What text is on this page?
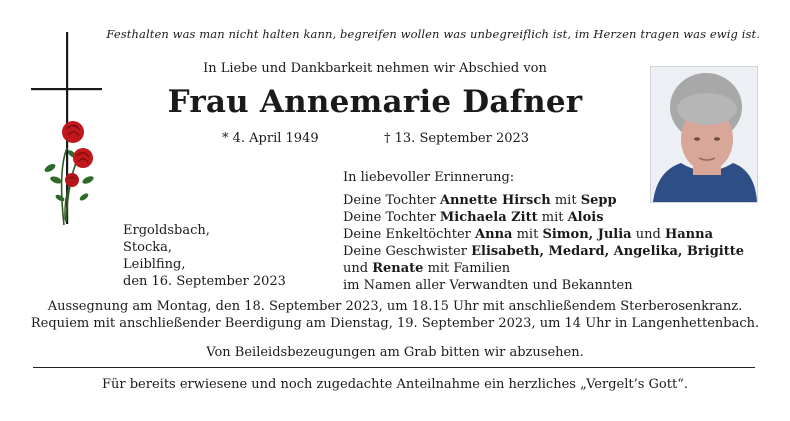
Festhalten was man nicht halten kann, begreifen wollen was unbegreiflich ist, im Herzen tragen was ewig ist.
In Liebe und Dankbarkeit nehmen wir Abschied von
Frau Annemarie Dafner
* 4. April 1949	† 13. September 2023
In liebevoller Erinnerung:
Deine Tochter Annette Hirsch mit Sepp
Deine Tochter Michaela Zitt mit Alois
Deine Enkeltöchter Anna mit Simon, Julia und Hanna
Deine Geschwister Elisabeth, Medard, Angelika, Brigitte
und Renate mit Familien
im Namen aller Verwandten und Bekannten
Ergoldsbach,
Stocka,
Leiblfing,
den 16. September 2023
Aussegnung am Montag, den 18. September 2023, um 18.15 Uhr mit anschließendem Sterberosenkranz.
Requiem mit anschließender Beerdigung am Dienstag, 19. September 2023, um 14 Uhr in Langenhettenbach.
Von Beileidsbezeugungen am Grab bitten wir abzusehen.
Für bereits erwiesene und noch zugedachte Anteilnahme ein herzliches „Vergelt’s Gott“.
